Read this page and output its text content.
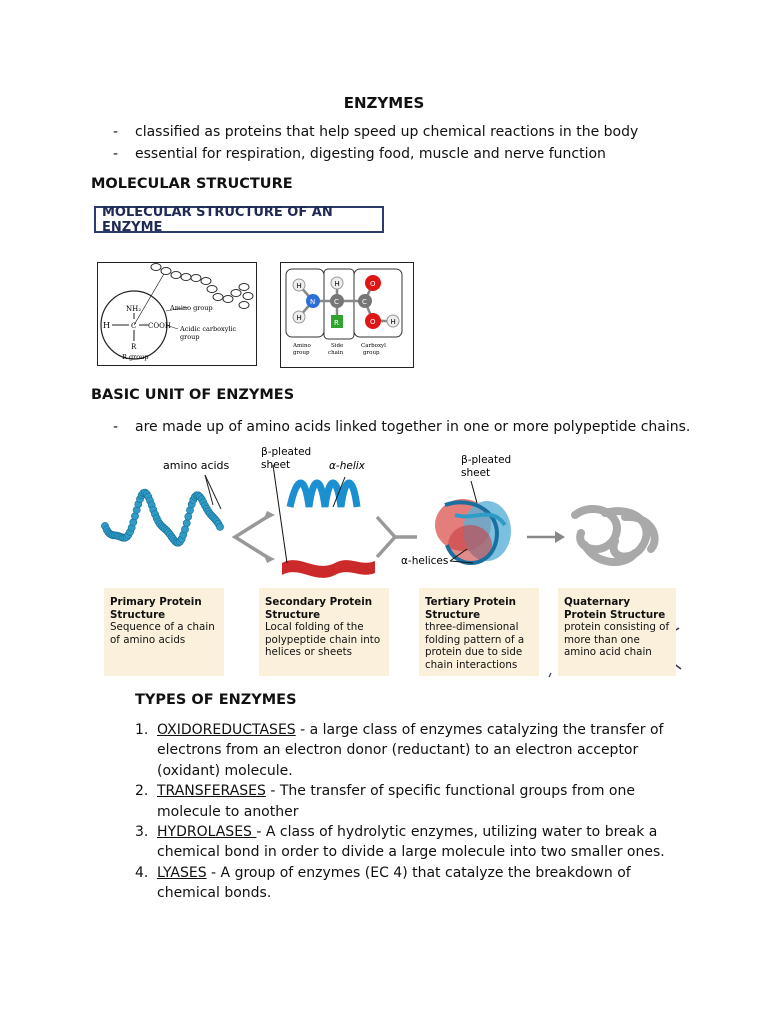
ENZYMES
- classified as proteins that help speed up chemical reactions in the body
- essential for respiration, digesting food, muscle and nerve function
MOLECULAR STRUCTURE
MOLECULAR STRUCTURE OF AN ENZYME
NH₂
H	C COOH
R
Amino group
Acidic carboxylic
group
R group
H
H
N
H
C
R
C
O
O H
Amino
group
Side
chain
Carboxyl
group
BASIC UNIT OF ENZYMES
- are made up of amino acids linked together in one or more polypeptide chains.
amino acids
β-pleated
sheet	α-helix	β-pleated
sheet
α-helices
Primary Protein Structure
Sequence of a chain of amino acids
Secondary Protein Structure
Local folding of the polypeptide chain into helices or sheets
Tertiary Protein Structure
three-dimensional folding pattern of a protein due to side chain interactions
Quaternary Protein Structure
protein consisting of more than one amino acid chain
TYPES OF ENZYMES
1. OXIDOREDUCTASES - a large class of enzymes catalyzing the transfer of electrons from an electron donor (reductant) to an electron acceptor (oxidant) molecule.
2. TRANSFERASES - The transfer of specific functional groups from one molecule to another
3. HYDROLASES - A class of hydrolytic enzymes, utilizing water to break a chemical bond in order to divide a large molecule into two smaller ones.
4. LYASES - A group of enzymes (EC 4) that catalyze the breakdown of chemical bonds.
